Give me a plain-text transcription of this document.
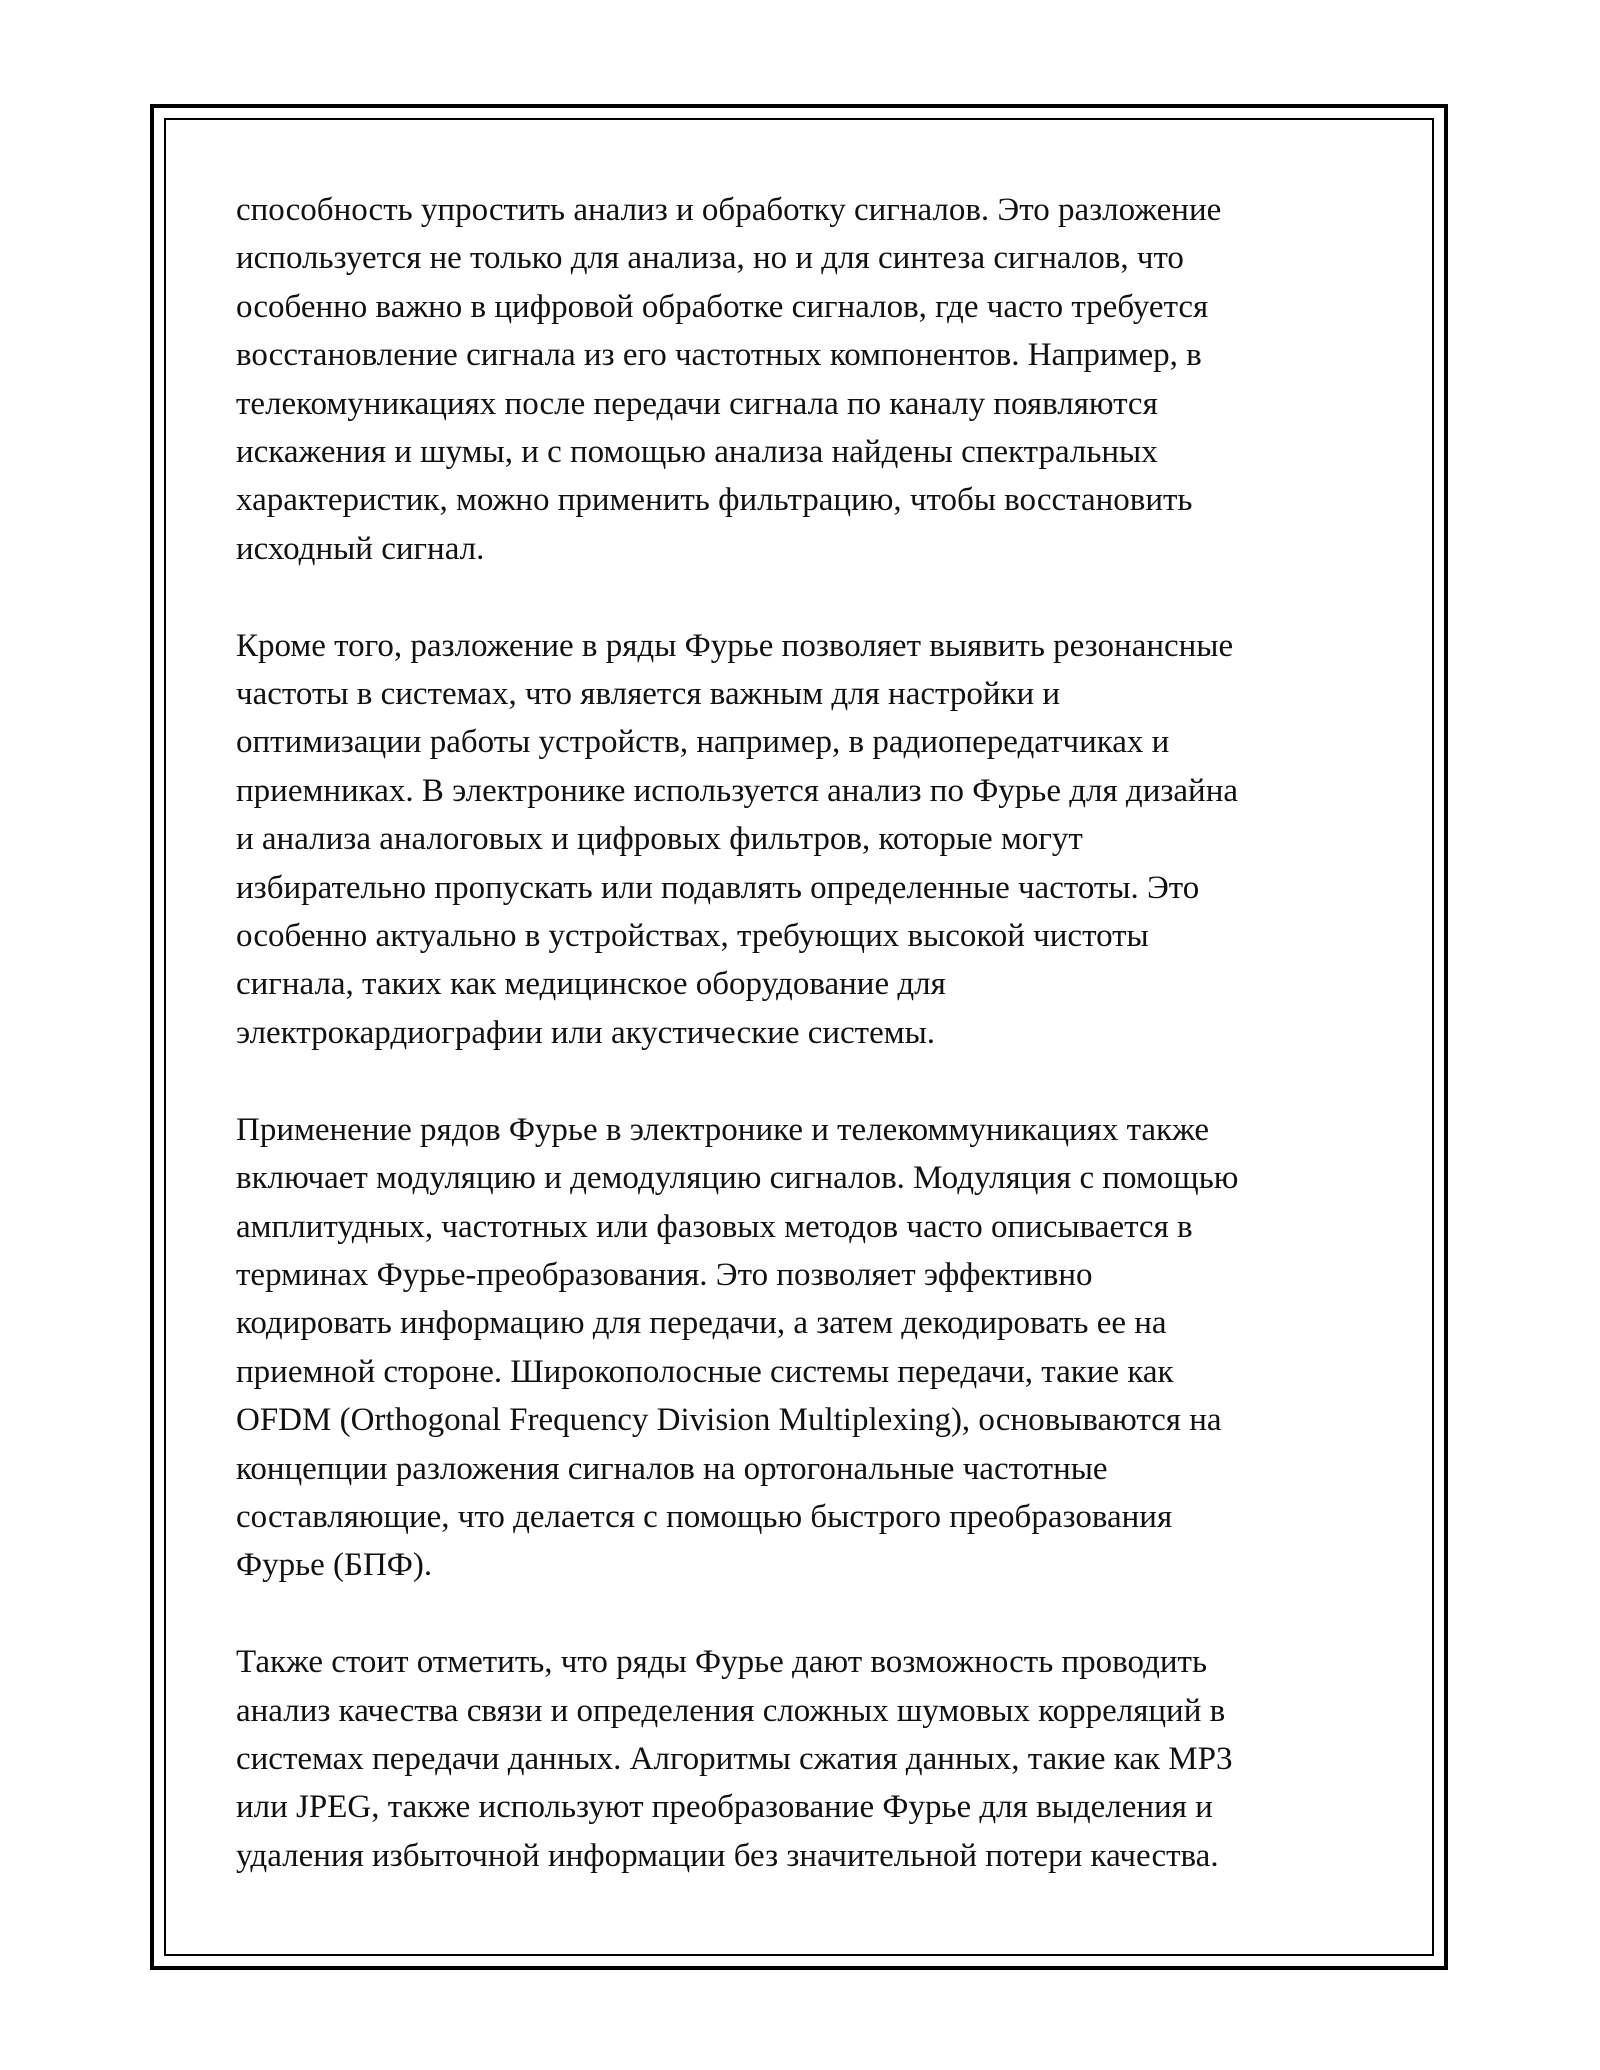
способность упростить анализ и обработку сигналов. Это разложение
используется не только для анализа, но и для синтеза сигналов, что
особенно важно в цифровой обработке сигналов, где часто требуется
восстановление сигнала из его частотных компонентов. Например, в
телекомуникациях после передачи сигнала по каналу появляются
искажения и шумы, и с помощью анализа найдены спектральных
характеристик, можно применить фильтрацию, чтобы восстановить
исходный сигнал.

Кроме того, разложение в ряды Фурье позволяет выявить резонансные
частоты в системах, что является важным для настройки и
оптимизации работы устройств, например, в радиопередатчиках и
приемниках. В электронике используется анализ по Фурье для дизайна
и анализа аналоговых и цифровых фильтров, которые могут
избирательно пропускать или подавлять определенные частоты. Это
особенно актуально в устройствах, требующих высокой чистоты
сигнала, таких как медицинское оборудование для
электрокардиографии или акустические системы.

Применение рядов Фурье в электронике и телекоммуникациях также
включает модуляцию и демодуляцию сигналов. Модуляция с помощью
амплитудных, частотных или фазовых методов часто описывается в
терминах Фурье-преобразования. Это позволяет эффективно
кодировать информацию для передачи, а затем декодировать ее на
приемной стороне. Широкополосные системы передачи, такие как
OFDM (Orthogonal Frequency Division Multiplexing), основываются на
концепции разложения сигналов на ортогональные частотные
составляющие, что делается с помощью быстрого преобразования
Фурье (БПФ).

Также стоит отметить, что ряды Фурье дают возможность проводить
анализ качества связи и определения сложных шумовых корреляций в
системах передачи данных. Алгоритмы сжатия данных, такие как MP3
или JPEG, также используют преобразование Фурье для выделения и
удаления избыточной информации без значительной потери качества.
